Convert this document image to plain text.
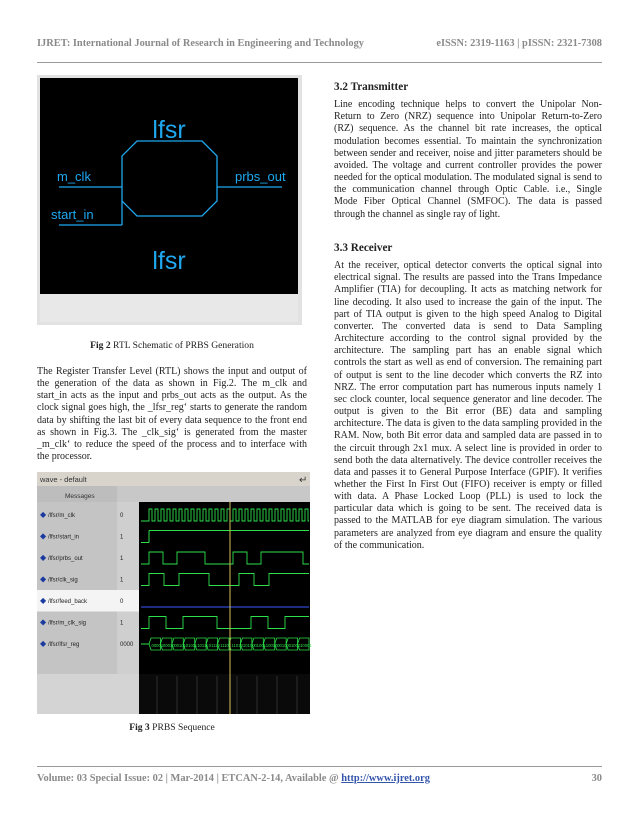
IJRET: International Journal of Research in Engineering and Technology	eISSN: 2319-1163 | pISSN: 2321-7308
lfsr
lfsr
m_clk
start_in
prbs_out
Fig 2 RTL Schematic of PRBS Generation
The Register Transfer Level (RTL) shows the input and output of the generation of the data as shown in Fig.2. The m_clk and start_in acts as the input and prbs_out acts as the output. As the clock signal goes high, the _lfsr_reg‘ starts to generate the random data by shifting the last bit of every data sequence to the front end as shown in Fig.3. The _clk_sig‘ is generated from the master _m_clk‘ to reduce the speed of the process and to interface with the processor.
wave - default	↵
Messages
◆ /lfsr/m_clk	0
◆ /lfsr/start_in	1
◆ /lfsr/prbs_out	1
◆ /lfsr/clk_sig	1
◆ /lfsr/feed_back	0
◆ /lfsr/m_clk_sig	1
◆ /lfsr/lfsr_reg	0000	00001 00010 00101 01011 10111 01110 11101 11010 10100 01001 10010 00100 01000 10001
Fig 3 PRBS Sequence
3.2 Transmitter
Line encoding technique helps to convert the Unipolar Non-Return to Zero (NRZ) sequence into Unipolar Return-to-Zero (RZ) sequence. As the channel bit rate increases, the optical modulation becomes essential. To maintain the synchronization between sender and receiver, noise and jitter parameters should be avoided. The voltage and current controller provides the power needed for the optical modulation. The modulated signal is send to the communication channel through Optic Cable. i.e., Single Mode Fiber Optical Channel (SMFOC). The data is passed through the channel as single ray of light.
3.3 Receiver
At the receiver, optical detector converts the optical signal into electrical signal. The results are passed into the Trans Impedance Amplifier (TIA) for decoupling. It acts as matching network for line decoding. It also used to increase the gain of the input. The part of TIA output is given to the high speed Analog to Digital converter. The converted data is send to Data Sampling Architecture according to the control signal provided by the architecture. The sampling part has an enable signal which controls the start as well as end of conversion. The remaining part of output is sent to the line decoder which converts the RZ into NRZ. The error computation part has numerous inputs namely 1 sec clock counter, local sequence generator and line decoder. The output is given to the Bit error (BE) data and sampling architecture. The data is given to the data sampling provided in the RAM. Now, both Bit error data and sampled data are passed in to the circuit through 2x1 mux. A select line is provided in order to send both the data alternatively. The device controller receives the data and passes it to General Purpose Interface (GPIF). It verifies whether the First In First Out (FIFO) receiver is empty or filled with data. A Phase Locked Loop (PLL) is used to lock the particular data which is going to be sent. The received data is passed to the MATLAB for eye diagram simulation. The various parameters are analyzed from eye diagram and ensure the quality of the communication.
Volume: 03 Special Issue: 02 | Mar-2014 | ETCAN-2-14, Available @ http://www.ijret.org	30
